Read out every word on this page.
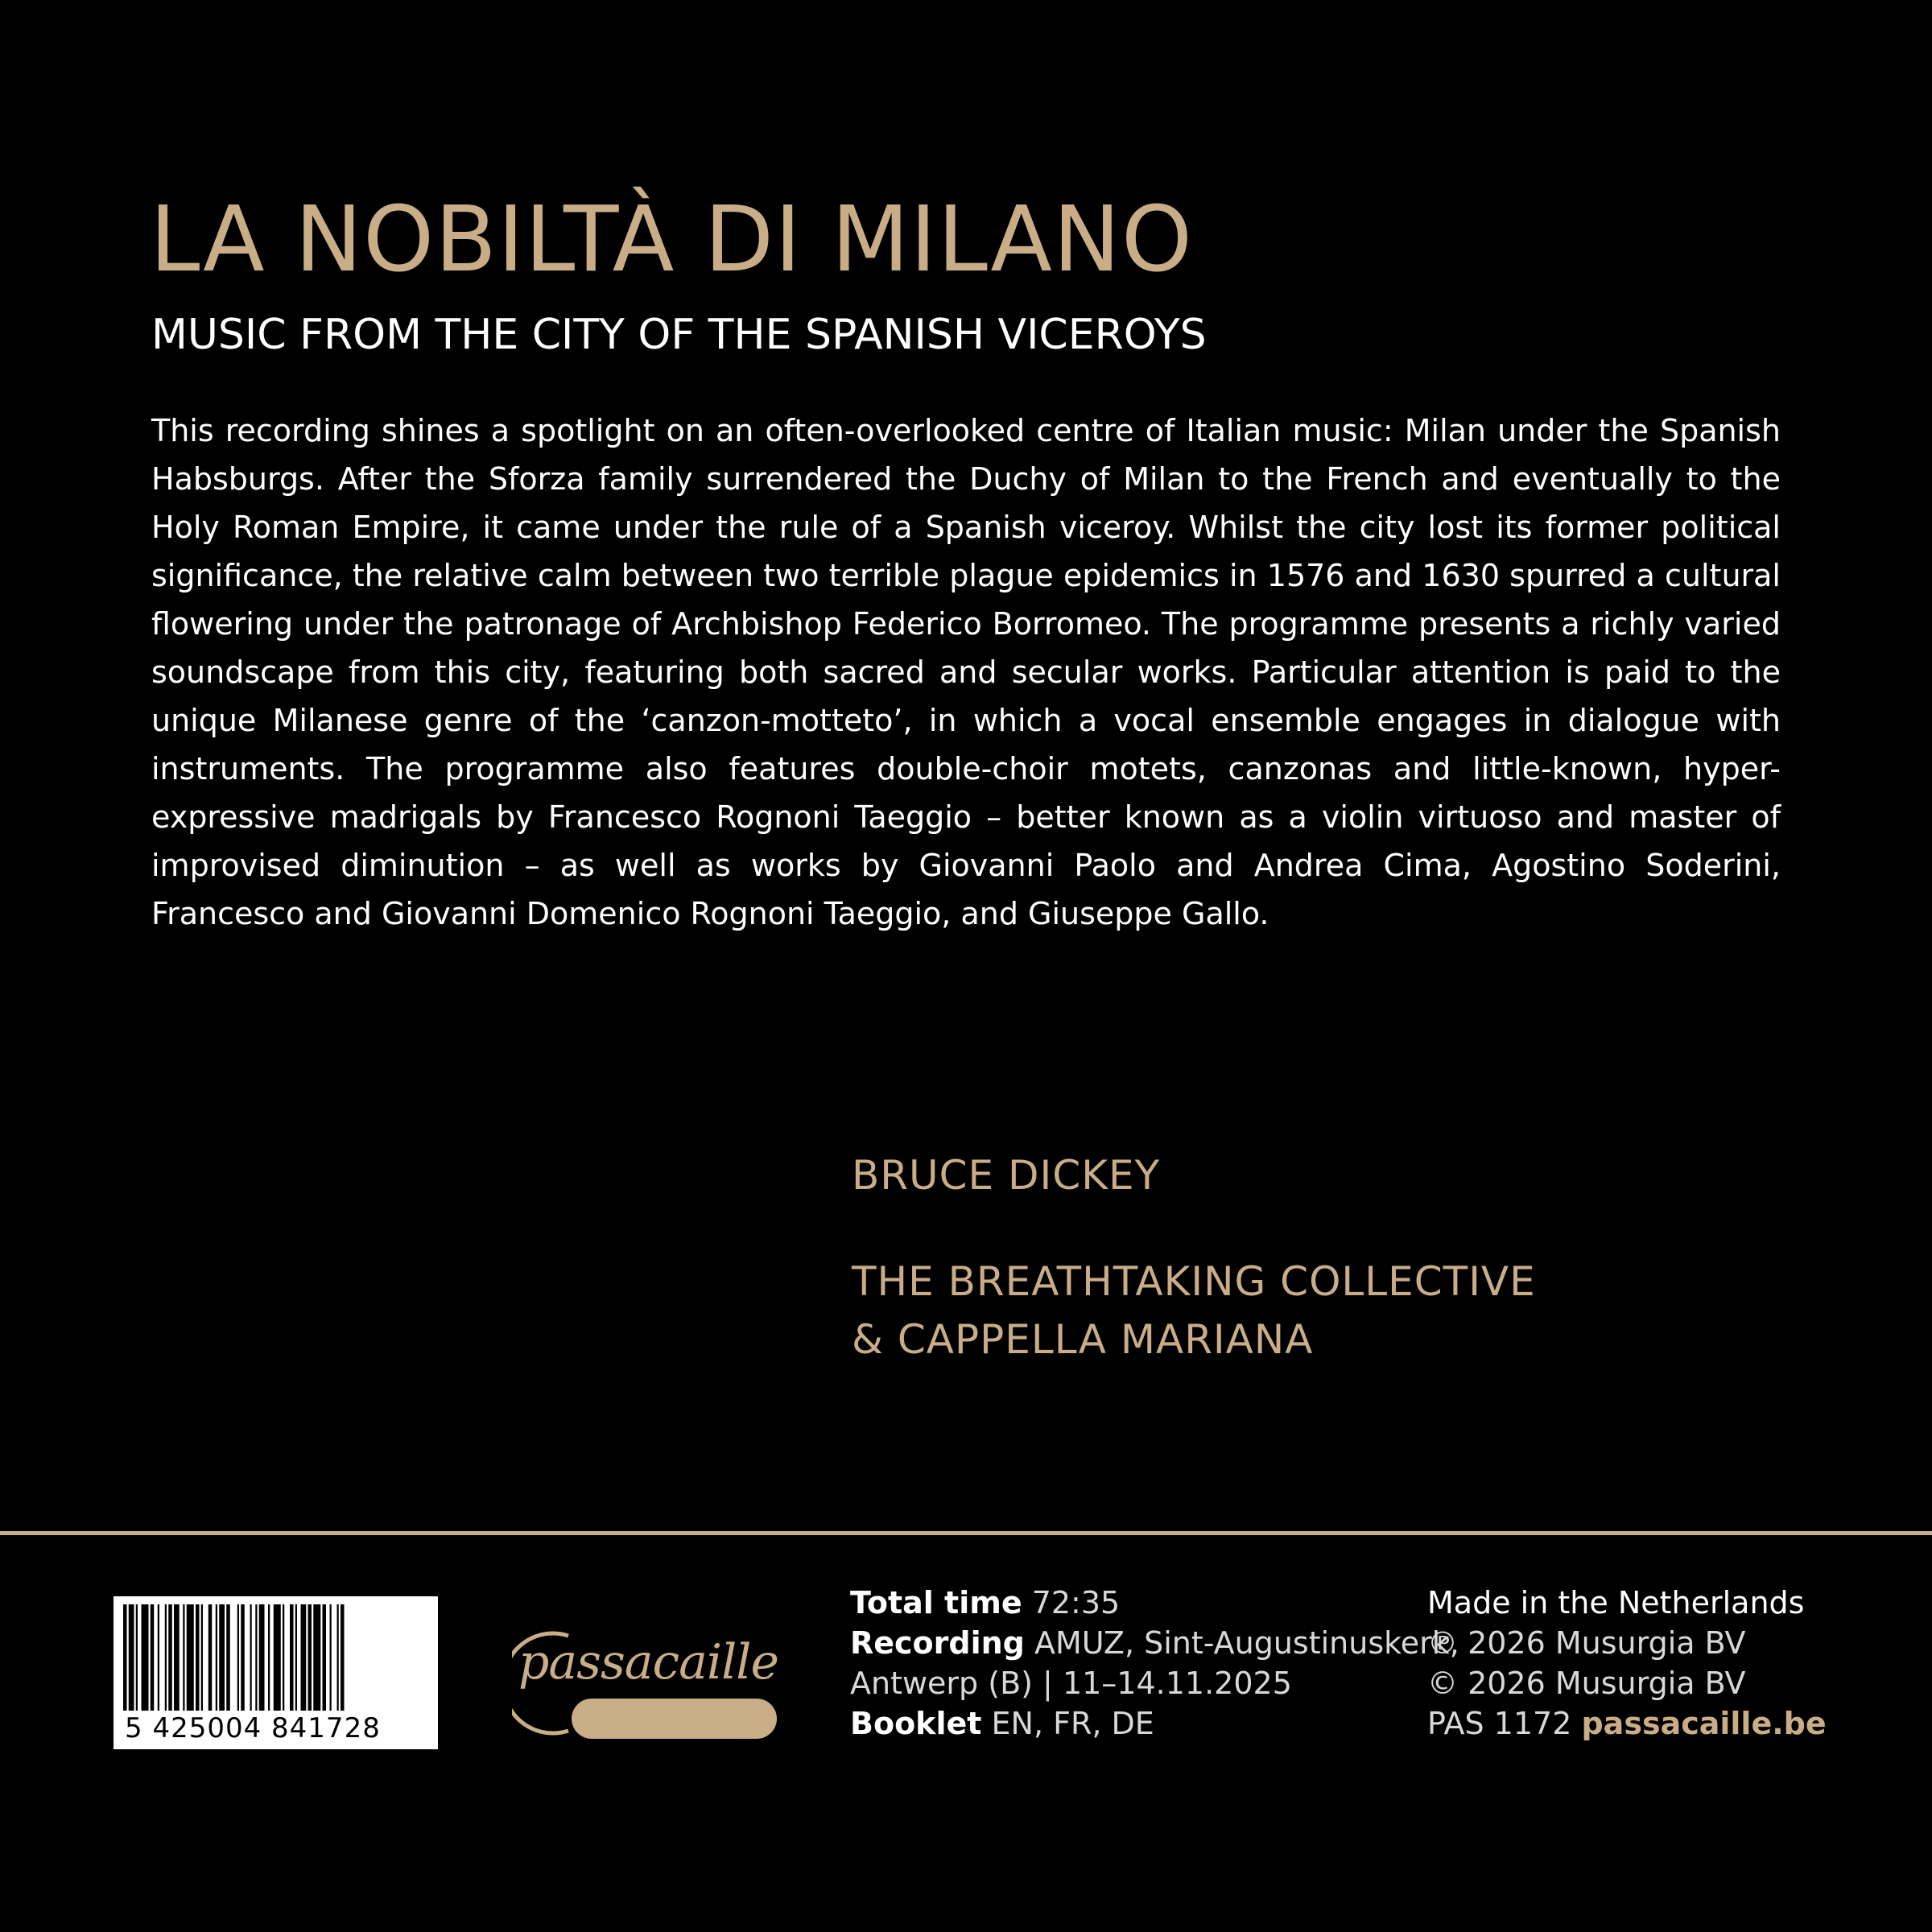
LA NOBILTÀ DI MILANO
MUSIC FROM THE CITY OF THE SPANISH VICEROYS

This recording shines a spotlight on an often-overlooked centre of Italian music: Milan under the Spanish Habsburgs. After the Sforza family surrendered the Duchy of Milan to the French and eventually to the Holy Roman Empire, it came under the rule of a Spanish viceroy. Whilst the city lost its former political significance, the relative calm between two terrible plague epidemics in 1576 and 1630 spurred a cultural flowering under the patronage of Archbishop Federico Borromeo. The programme presents a richly varied soundscape from this city, featuring both sacred and secular works. Particular attention is paid to the unique Milanese genre of the ‘canzon-motteto’, in which a vocal ensemble engages in dialogue with instruments. The programme also features double-choir motets, canzonas and little-known, hyper-expressive madrigals by Francesco Rognoni Taeggio – better known as a violin virtuoso and master of improvised diminution – as well as works by Giovanni Paolo and Andrea Cima, Agostino Soderini, Francesco and Giovanni Domenico Rognoni Taeggio, and Giuseppe Gallo.

BRUCE DICKEY
THE BREATHTAKING COLLECTIVE
& CAPPELLA MARIANA
5 425004 841728
passacaille
Total time 72:35
Recording AMUZ, Sint-Augustinuskerk,
Antwerp (B) | 11–14.11.2025
Booklet EN, FR, DE
Made in the Netherlands
℗ 2026 Musurgia BV
© 2026 Musurgia BV
PAS 1172 passacaille.be
